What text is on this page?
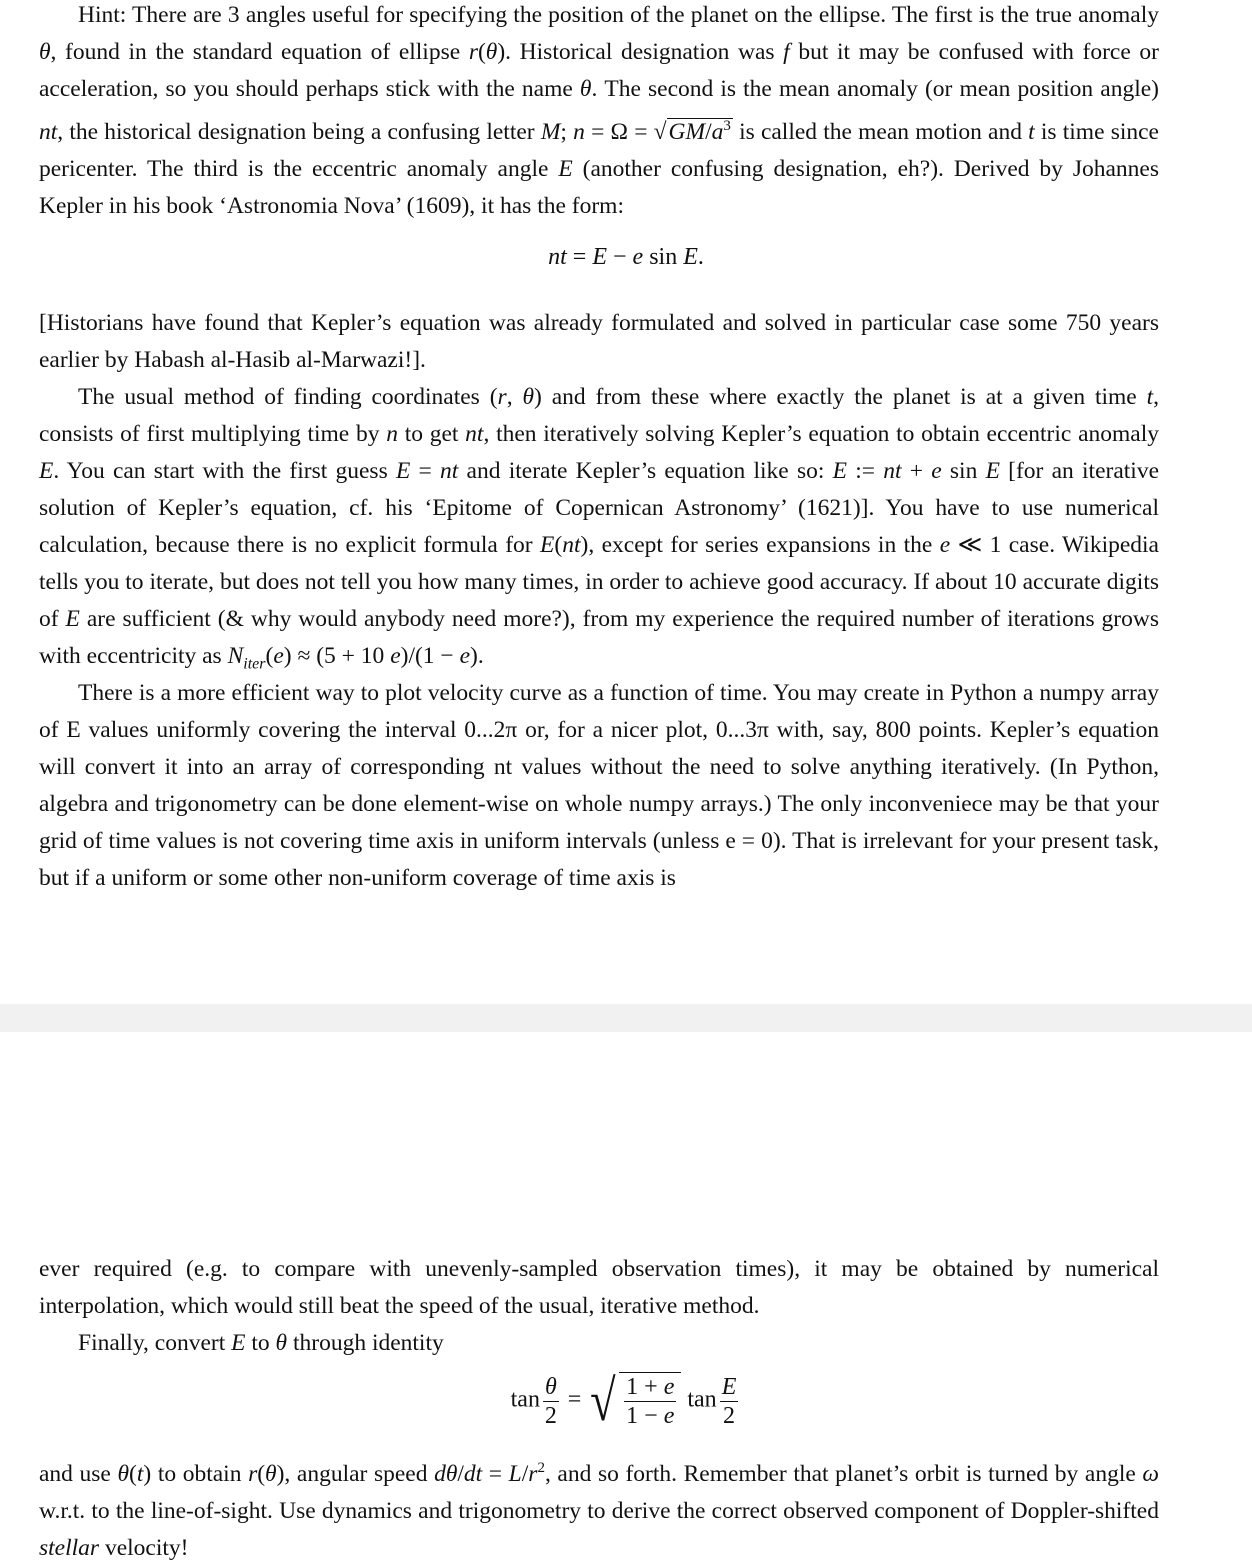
Hint: There are 3 angles useful for specifying the position of the planet on the ellipse. The first is the true anomaly θ, found in the standard equation of ellipse r(θ). Historical designation was f but it may be confused with force or acceleration, so you should perhaps stick with the name θ. The second is the mean anomaly (or mean position angle) nt, the historical designation being a confusing letter M; $n = \Omega = √GM/a^3$ is called the mean motion and t is time since pericenter. The third is the eccentric anomaly angle E (another confusing designation, eh?). Derived by Johannes Kepler in his book ‘Astronomia Nova’ (1609), it has the form:

nt = E − e sin E.

[Historians have found that Kepler’s equation was already formulated and solved in particular case some 750 years earlier by Habash al-Hasib al-Marwazi!].

The usual method of finding coordinates (r, θ) and from these where exactly the planet is at a given time t, consists of first multiplying time by n to get nt, then iteratively solving Kepler’s equation to obtain eccentric anomaly E. You can start with the first guess E = nt and iterate Kepler’s equation like so: E := nt + e sin E [for an iterative solution of Kepler’s equation, cf. his ‘Epitome of Copernican Astronomy’ (1621)]. You have to use numerical calculation, because there is no explicit formula for E(nt), except for series expansions in the e ≪ 1 case. Wikipedia tells you to iterate, but does not tell you how many times, in order to achieve good accuracy. If about 10 accurate digits of E are sufficient (& why would anybody need more?), from my experience the required number of iterations grows with eccentricity as $N_{iter}(e) \approx (5 + 10$ e)/(1 − e).

There is a more efficient way to plot velocity curve as a function of time. You may create in Python a numpy array of E values uniformly covering the interval 0...2π or, for a nicer plot, 0...3π with, say, 800 points. Kepler’s equation will convert it into an array of corresponding nt values without the need to solve anything iteratively. (In Python, algebra and trigonometry can be done element-wise on whole numpy arrays.) The only inconveniece may be that your grid of time values is not covering time axis in uniform intervals (unless e = 0). That is irrelevant for your present task, but if a uniform or some other non-uniform coverage of time axis is

ever required (e.g. to compare with unevenly-sampled observation times), it may be obtained by numerical interpolation, which would still beat the speed of the usual, iterative method.

Finally, convert E to θ through identity

$\tan \frac{\theta}{2}$ = √ $\frac{1 + e}{1 - e}$ $\tan \frac{E}{2}$

and use θ(t) to obtain r(θ), angular speed $d\theta/dt = L/r^2$, and so forth. Remember that planet’s orbit is turned by angle ω w.r.t. to the line-of-sight. Use dynamics and trigonometry to derive the correct observed component of Doppler-shifted stellar velocity!
